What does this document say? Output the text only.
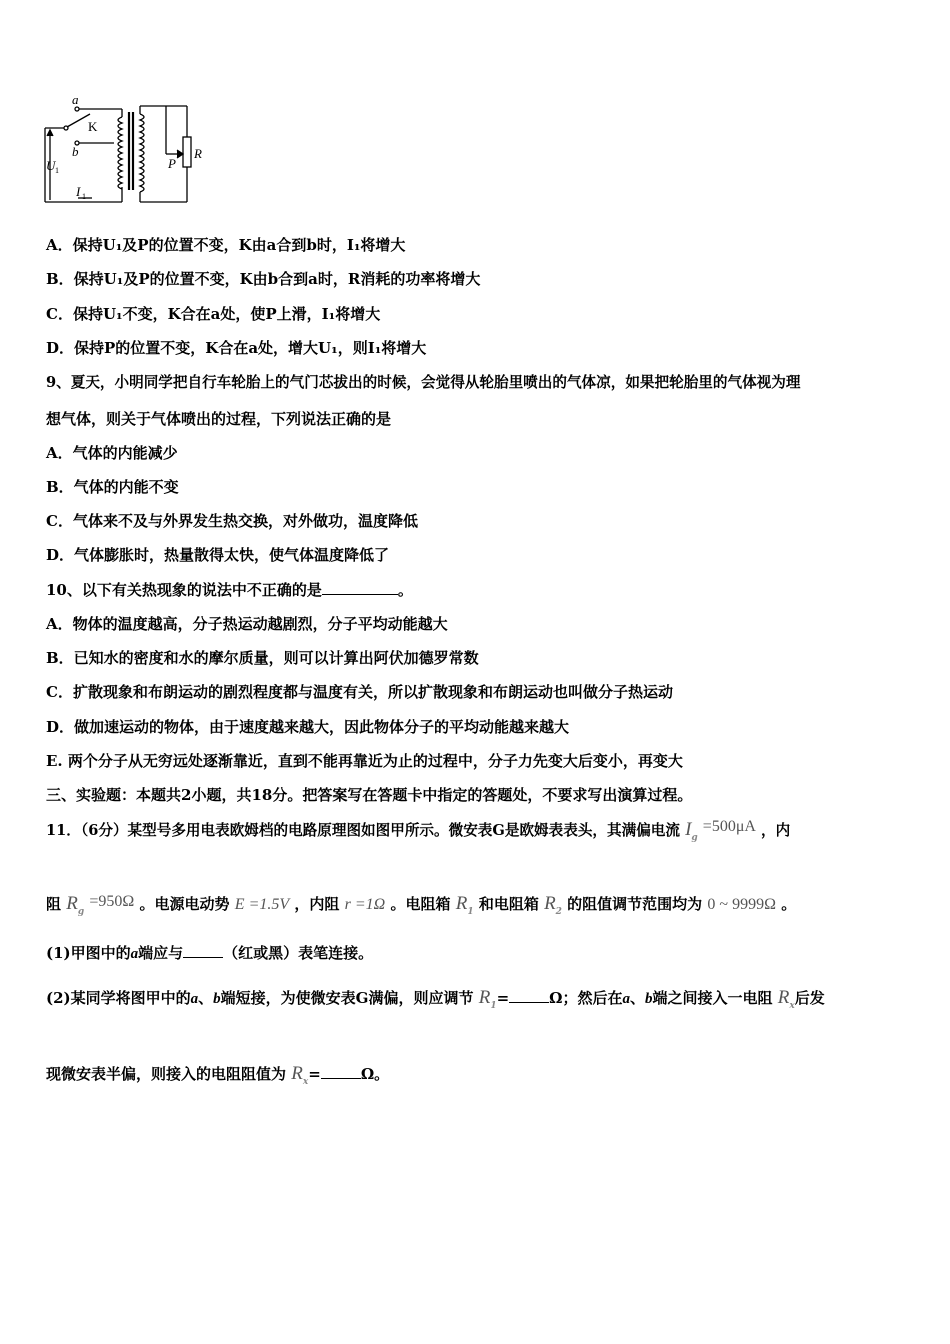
a
K
b
U 1
I 1
P
R
A．保持U₁及P的位置不变，K由a合到b时，I₁将增大
B．保持U₁及P的位置不变，K由b合到a时，R消耗的功率将增大
C．保持U₁不变，K合在a处，使P上滑，I₁将增大
D．保持P的位置不变，K合在a处，增大U₁，则I₁将增大
9、夏天，小明同学把自行车轮胎上的气门芯拔出的时候，会觉得从轮胎里喷出的气体凉，如果把轮胎里的气体视为理
想气体，则关于气体喷出的过程，下列说法正确的是
A．气体的内能减少
B．气体的内能不变
C．气体来不及与外界发生热交换，对外做功，温度降低
D．气体膨胀时，热量散得太快，使气体温度降低了
10、以下有关热现象的说法中不正确的是	。
A．物体的温度越高，分子热运动越剧烈，分子平均动能越大
B．已知水的密度和水的摩尔质量，则可以计算出阿伏加德罗常数
C．扩散现象和布朗运动的剧烈程度都与温度有关，所以扩散现象和布朗运动也叫做分子热运动
D．做加速运动的物体，由于速度越来越大，因此物体分子的平均动能越来越大
E. 两个分子从无穷远处逐渐靠近，直到不能再靠近为止的过程中，分子力先变大后变小，再变大
三、实验题：本题共2小题，共18分。把答案写在答题卡中指定的答题处，不要求写出演算过程。
11．（6分）某型号多用电表欧姆档的电路原理图如图甲所示。微安表G是欧姆表表头，其满偏电流 $I_g =500\mu A$ ，内
阻 $R_g =950\Omega$ 。电源电动势 E =1.5V ，内阻 r =1Ω 。电阻箱 $R_1$ 和电阻箱 $R_2$ 的阻值调节范围均为 0 ~ 9999Ω 。
(1)甲图中的a端应与	（红或黑）表笔连接。
(2)某同学将图甲中的a、b端短接，为使微安表G满偏，则应调节 $R_1=$	Ω；然后在a、b端之间接入一电阻 $R_x$后发
现微安表半偏，则接入的电阻阻值为 $R_x=$	Ω。
